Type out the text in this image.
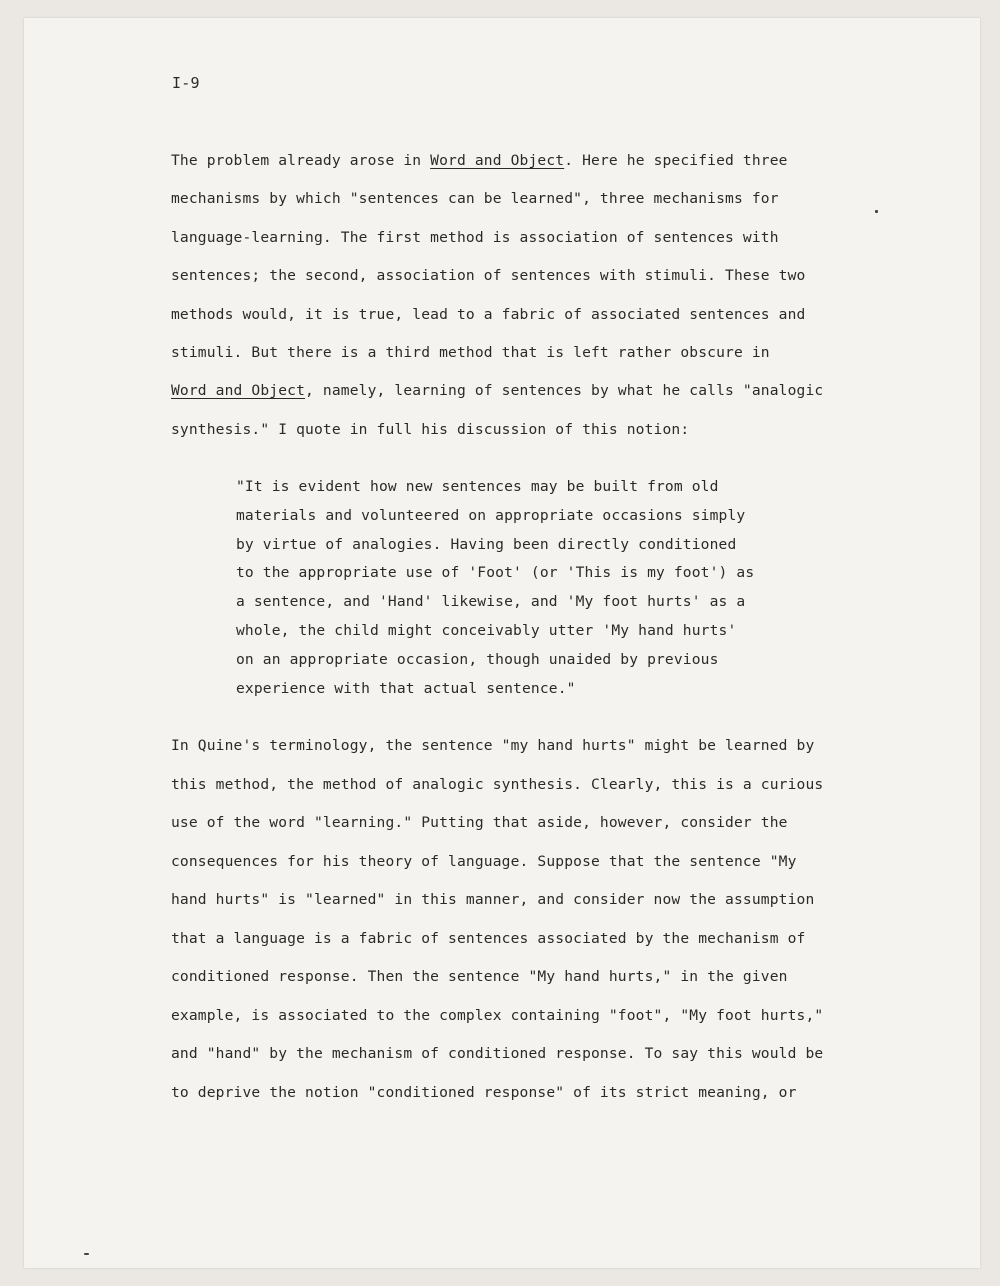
I-9
The problem already arose in Word and Object. Here he specified three
mechanisms by which "sentences can be learned", three mechanisms for
language-learning. The first method is association of sentences with
sentences; the second, association of sentences with stimuli. These two
methods would, it is true, lead to a fabric of associated sentences and
stimuli. But there is a third method that is left rather obscure in
Word and Object, namely, learning of sentences by what he calls "analogic
synthesis." I quote in full his discussion of this notion:
"It is evident how new sentences may be built from old
materials and volunteered on appropriate occasions simply
by virtue of analogies. Having been directly conditioned
to the appropriate use of 'Foot' (or 'This is my foot') as
a sentence, and 'Hand' likewise, and 'My foot hurts' as a
whole, the child might conceivably utter 'My hand hurts'
on an appropriate occasion, though unaided by previous
experience with that actual sentence."
In Quine's terminology, the sentence "my hand hurts" might be learned by
this method, the method of analogic synthesis. Clearly, this is a curious
use of the word "learning." Putting that aside, however, consider the
consequences for his theory of language. Suppose that the sentence "My
hand hurts" is "learned" in this manner, and consider now the assumption
that a language is a fabric of sentences associated by the mechanism of
conditioned response. Then the sentence "My hand hurts," in the given
example, is associated to the complex containing "foot", "My foot hurts,"
and "hand" by the mechanism of conditioned response. To say this would be
to deprive the notion "conditioned response" of its strict meaning, or
